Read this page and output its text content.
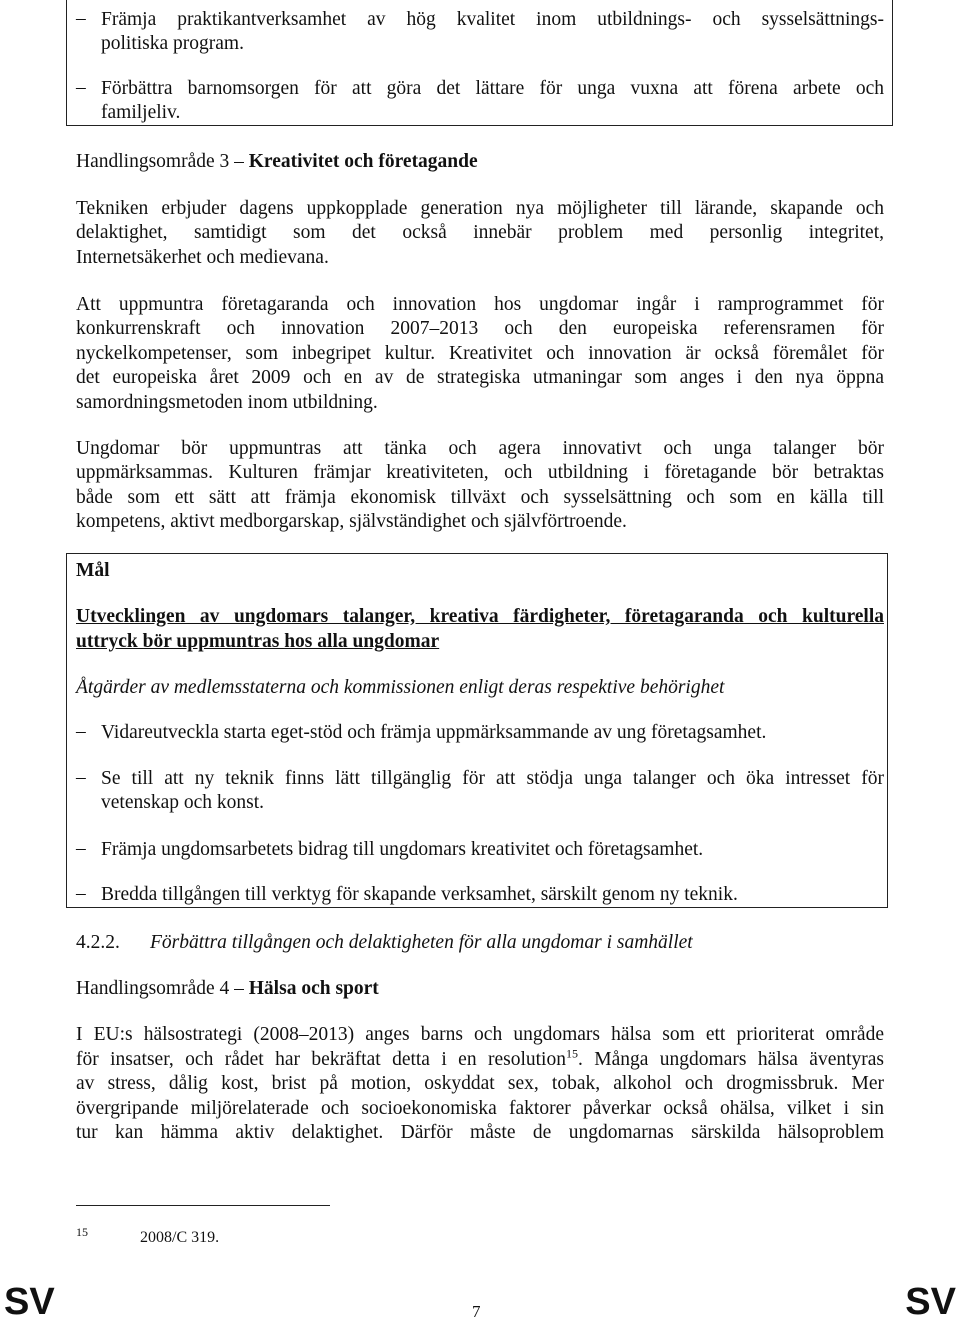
– Främja praktikantverksamhet av hög kvalitet inom utbildnings- och sysselsättnings-
politiska program.
– Förbättra barnomsorgen för att göra det lättare för unga vuxna att förena arbete och
familjeliv.
Handlingsområde 3 – Kreativitet och företagande
Tekniken erbjuder dagens uppkopplade generation nya möjligheter till lärande, skapande och
delaktighet, samtidigt som det också innebär problem med personlig integritet,
Internetsäkerhet och medievana.
Att uppmuntra företagaranda och innovation hos ungdomar ingår i ramprogrammet för
konkurrenskraft och innovation 2007–2013 och den europeiska referensramen för
nyckelkompetenser, som inbegripet kultur. Kreativitet och innovation är också föremålet för
det europeiska året 2009 och en av de strategiska utmaningar som anges i den nya öppna
samordningsmetoden inom utbildning.
Ungdomar bör uppmuntras att tänka och agera innovativt och unga talanger bör
uppmärksammas. Kulturen främjar kreativiteten, och utbildning i företagande bör betraktas
både som ett sätt att främja ekonomisk tillväxt och sysselsättning och som en källa till
kompetens, aktivt medborgarskap, självständighet och självförtroende.
Mål
Utvecklingen av ungdomars talanger, kreativa färdigheter, företagaranda och kulturella
uttryck bör uppmuntras hos alla ungdomar
Åtgärder av medlemsstaterna och kommissionen enligt deras respektive behörighet
– Vidareutveckla starta eget-stöd och främja uppmärksammande av ung företagsamhet.
– Se till att ny teknik finns lätt tillgänglig för att stödja unga talanger och öka intresset för
vetenskap och konst.
– Främja ungdomsarbetets bidrag till ungdomars kreativitet och företagsamhet.
– Bredda tillgången till verktyg för skapande verksamhet, särskilt genom ny teknik.
4.2.2. Förbättra tillgången och delaktigheten för alla ungdomar i samhället
Handlingsområde 4 – Hälsa och sport
I EU:s hälsostrategi (2008–2013) anges barns och ungdomars hälsa som ett prioriterat område
för insatser, och rådet har bekräftat detta i en resolution$^{15}$. Många ungdomars hälsa äventyras
av stress, dålig kost, brist på motion, oskyddat sex, tobak, alkohol och drogmissbruk. Mer
övergripande miljörelaterade och socioekonomiska faktorer påverkar också ohälsa, vilket i sin
tur kan hämma aktiv delaktighet. Därför måste de ungdomarnas särskilda hälsoproblem
15	2008/C 319.
SV	7	SV
